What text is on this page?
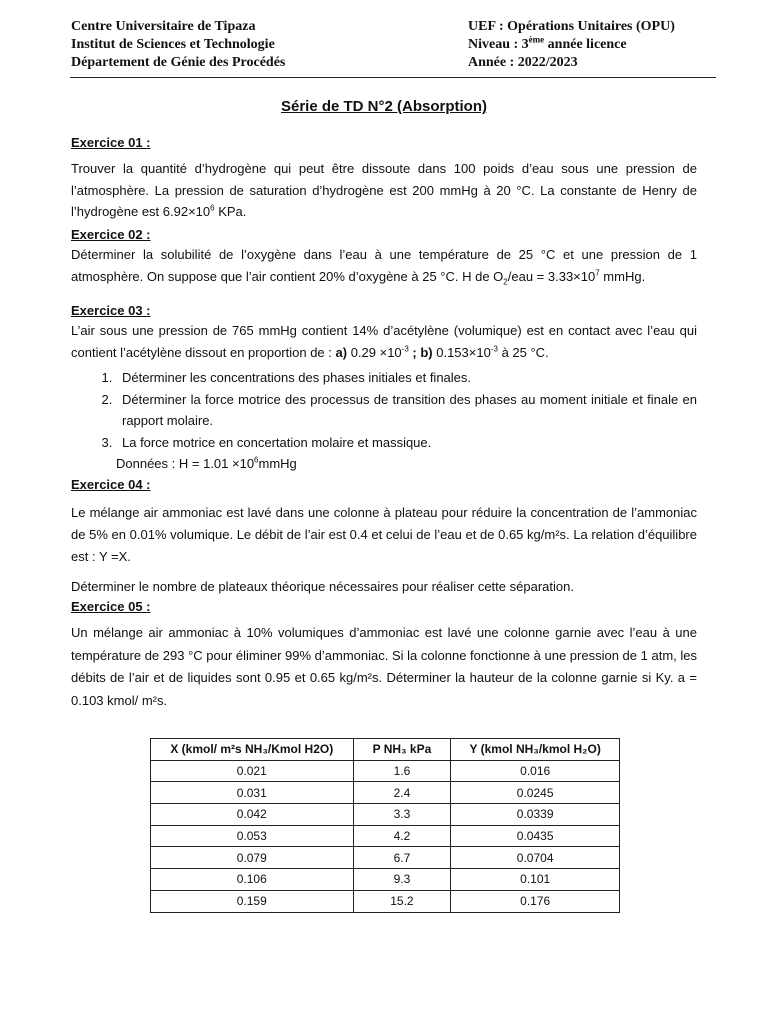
Centre Universitaire de Tipaza
Institut de Sciences et Technologie
Département de Génie des Procédés
UEF : Opérations Unitaires (OPU)
Niveau : 3ème année licence
Année : 2022/2023
Série de TD N°2 (Absorption)
Exercice 01 :

Trouver la quantité d’hydrogène qui peut être dissoute dans 100 poids d’eau sous une pression de l’atmosphère. La pression de saturation d’hydrogène est 200 mmHg à 20 °C. La constante de Henry de l’hydrogène est $6.92\times 10^6$ KPa.

Exercice 02 :

Déterminer la solubilité de l’oxygène dans l’eau à une température de 25 °C et une pression de 1 atmosphère. On suppose que l’air contient 20% d’oxygène à 25 °C. H de $O_2$/eau = $3.33\times 10^7$ mmHg.

Exercice 03 :

L’air sous une pression de 765 mmHg contient 14% d’acétylène (volumique) est en contact avec l’eau qui contient l’acétylène dissout en proportion de : a) $0.29 \times 10^{-3}$ ; b) $0.153\times 10^{-3}$ à 25 °C.

1. Déterminer les concentrations des phases initiales et finales.
2. Déterminer la force motrice des processus de transition des phases au moment initiale et finale en rapport molaire.
3. La force motrice en concertation molaire et massique.
Données : $H = 1.01 \times 10^6mmHg$
Exercice 04 :

Le mélange air ammoniac est lavé dans une colonne à plateau pour réduire la concentration de l’ammoniac de 5% en 0.01% volumique. Le débit de l’air est 0.4 et celui de l’eau et de 0.65 kg/m²s. La relation d’équilibre est : Y =X.

Déterminer le nombre de plateaux théorique nécessaires pour réaliser cette séparation.

Exercice 05 :

Un mélange air ammoniac à 10% volumiques d’ammoniac est lavé une colonne garnie avec l’eau à une température de 293 °C pour éliminer 99% d’ammoniac. Si la colonne fonctionne à une pression de 1 atm, les débits de l’air et de liquides sont 0.95 et 0.65 kg/m²s. Déterminer la hauteur de la colonne garnie si Ky. a = 0.103 kmol/ m²s.

X (kmol/ m²s NH₃/Kmol H2O)	P NH₃ kPa	Y (kmol NH₃/kmol H₂O)
0.021	1.6	0.016
0.031	2.4	0.0245
0.042	3.3	0.0339
0.053	4.2	0.0435
0.079	6.7	0.0704
0.106	9.3	0.101
0.159	15.2	0.176
